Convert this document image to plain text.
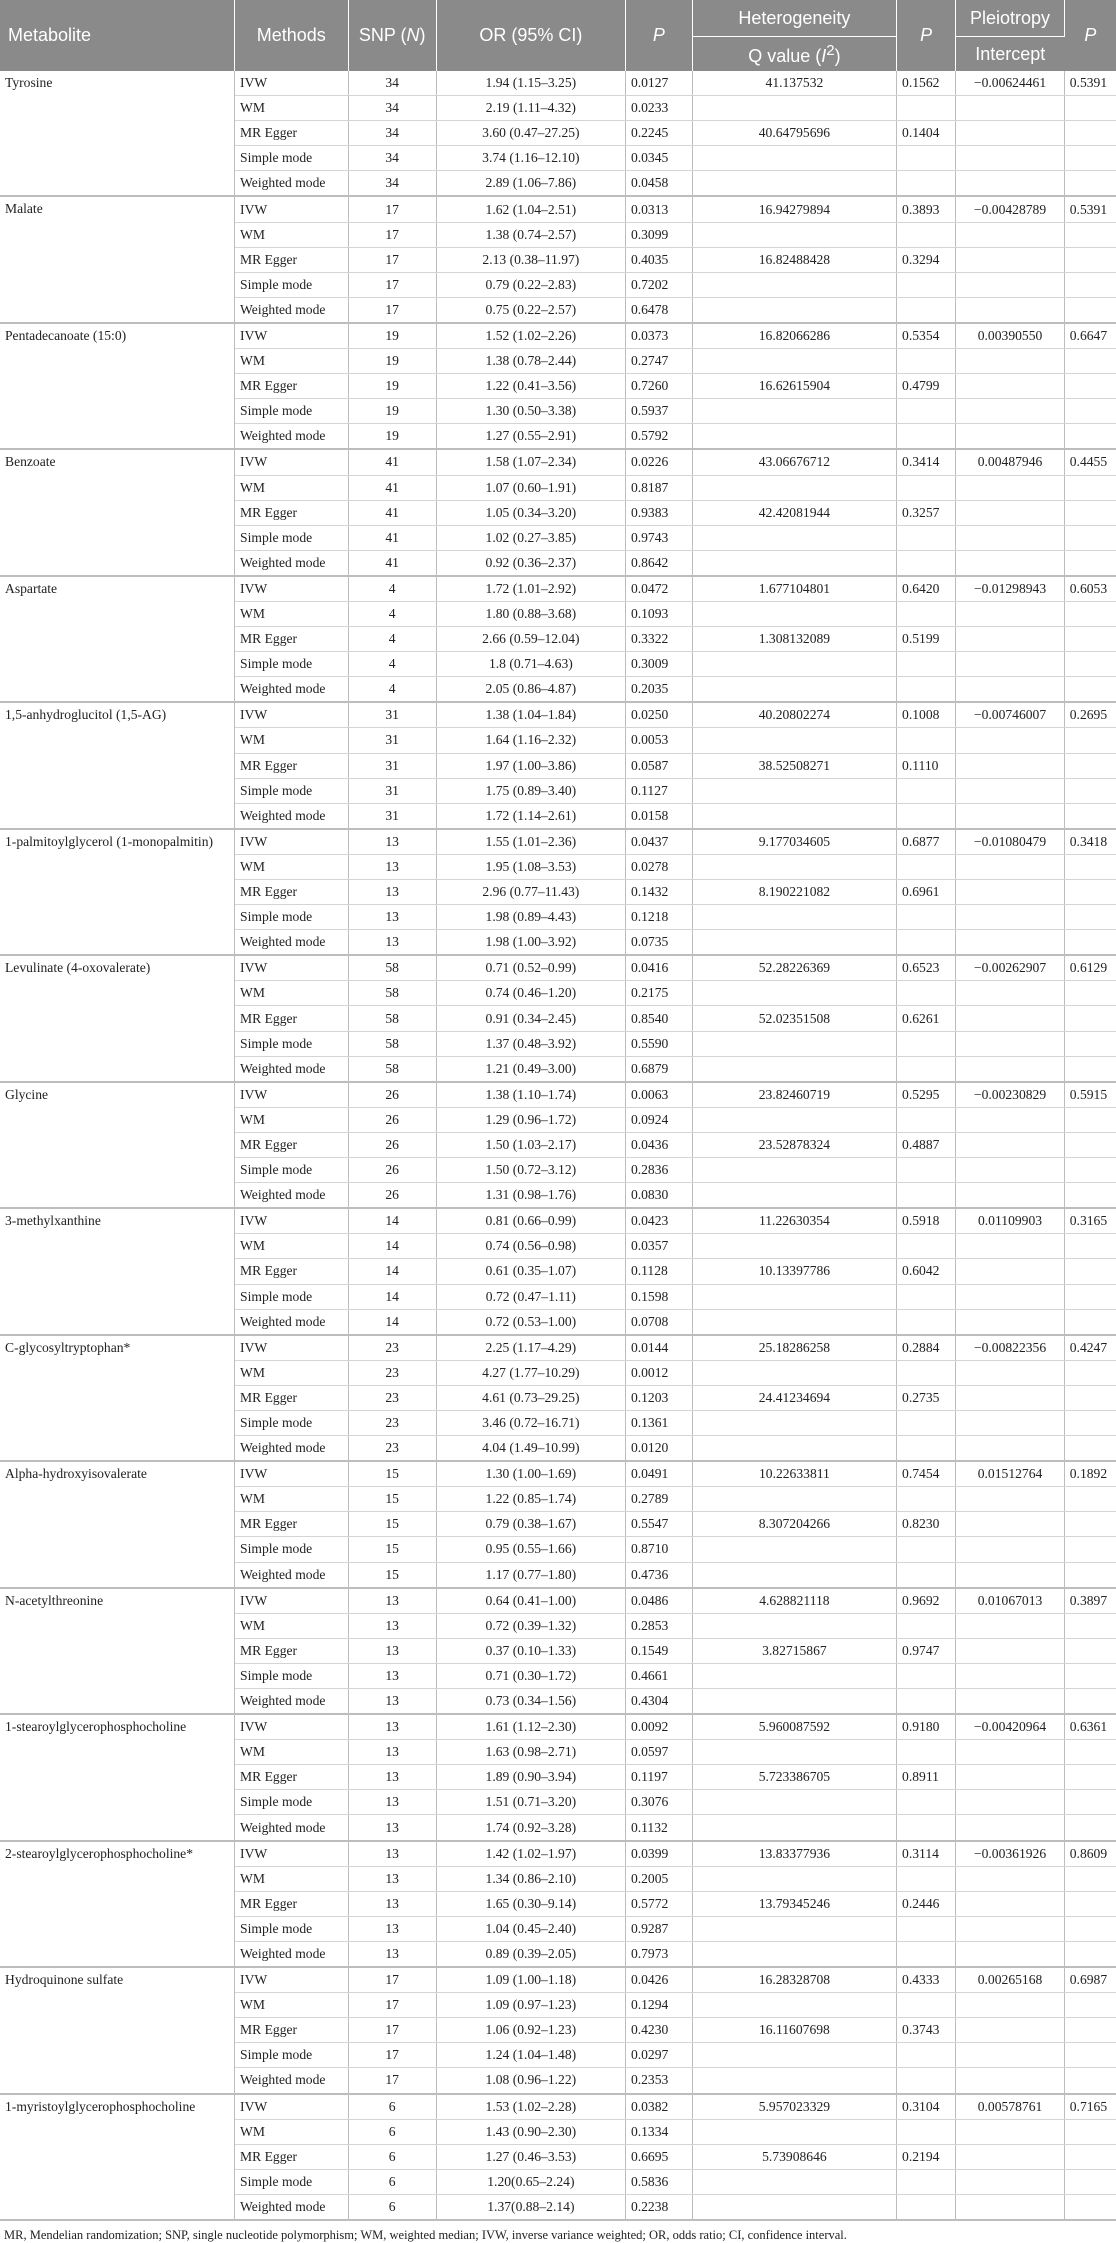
Metabolite	Methods	SNP (N)	OR (95% CI)	P	Heterogeneity	P	Pleiotropy	P
					Q value $(I^2)$		Intercept	
Tyrosine	IVW	34	1.94 (1.15–3.25)	0.0127	41.137532	0.1562	−0.00624461	0.5391
	WM	34	2.19 (1.11–4.32)	0.0233				
	MR Egger	34	3.60 (0.47–27.25)	0.2245	40.64795696	0.1404		
	Simple mode	34	3.74 (1.16–12.10)	0.0345				
	Weighted mode	34	2.89 (1.06–7.86)	0.0458				
Malate	IVW	17	1.62 (1.04–2.51)	0.0313	16.94279894	0.3893	−0.00428789	0.5391
	WM	17	1.38 (0.74–2.57)	0.3099				
	MR Egger	17	2.13 (0.38–11.97)	0.4035	16.82488428	0.3294		
	Simple mode	17	0.79 (0.22–2.83)	0.7202				
	Weighted mode	17	0.75 (0.22–2.57)	0.6478				
Pentadecanoate (15:0)	IVW	19	1.52 (1.02–2.26)	0.0373	16.82066286	0.5354	0.00390550	0.6647
	WM	19	1.38 (0.78–2.44)	0.2747				
	MR Egger	19	1.22 (0.41–3.56)	0.7260	16.62615904	0.4799		
	Simple mode	19	1.30 (0.50–3.38)	0.5937				
	Weighted mode	19	1.27 (0.55–2.91)	0.5792				
Benzoate	IVW	41	1.58 (1.07–2.34)	0.0226	43.06676712	0.3414	0.00487946	0.4455
	WM	41	1.07 (0.60–1.91)	0.8187				
	MR Egger	41	1.05 (0.34–3.20)	0.9383	42.42081944	0.3257		
	Simple mode	41	1.02 (0.27–3.85)	0.9743				
	Weighted mode	41	0.92 (0.36–2.37)	0.8642				
Aspartate	IVW	4	1.72 (1.01–2.92)	0.0472	1.677104801	0.6420	−0.01298943	0.6053
	WM	4	1.80 (0.88–3.68)	0.1093				
	MR Egger	4	2.66 (0.59–12.04)	0.3322	1.308132089	0.5199		
	Simple mode	4	1.8 (0.71–4.63)	0.3009				
	Weighted mode	4	2.05 (0.86–4.87)	0.2035				
1,5-anhydroglucitol (1,5-AG)	IVW	31	1.38 (1.04–1.84)	0.0250	40.20802274	0.1008	−0.00746007	0.2695
	WM	31	1.64 (1.16–2.32)	0.0053				
	MR Egger	31	1.97 (1.00–3.86)	0.0587	38.52508271	0.1110		
	Simple mode	31	1.75 (0.89–3.40)	0.1127				
	Weighted mode	31	1.72 (1.14–2.61)	0.0158				
1-palmitoylglycerol (1-monopalmitin)	IVW	13	1.55 (1.01–2.36)	0.0437	9.177034605	0.6877	−0.01080479	0.3418
	WM	13	1.95 (1.08–3.53)	0.0278				
	MR Egger	13	2.96 (0.77–11.43)	0.1432	8.190221082	0.6961		
	Simple mode	13	1.98 (0.89–4.43)	0.1218				
	Weighted mode	13	1.98 (1.00–3.92)	0.0735				
Levulinate (4-oxovalerate)	IVW	58	0.71 (0.52–0.99)	0.0416	52.28226369	0.6523	−0.00262907	0.6129
	WM	58	0.74 (0.46–1.20)	0.2175				
	MR Egger	58	0.91 (0.34–2.45)	0.8540	52.02351508	0.6261		
	Simple mode	58	1.37 (0.48–3.92)	0.5590				
	Weighted mode	58	1.21 (0.49–3.00)	0.6879				
Glycine	IVW	26	1.38 (1.10–1.74)	0.0063	23.82460719	0.5295	−0.00230829	0.5915
	WM	26	1.29 (0.96–1.72)	0.0924				
	MR Egger	26	1.50 (1.03–2.17)	0.0436	23.52878324	0.4887		
	Simple mode	26	1.50 (0.72–3.12)	0.2836				
	Weighted mode	26	1.31 (0.98–1.76)	0.0830				
3-methylxanthine	IVW	14	0.81 (0.66–0.99)	0.0423	11.22630354	0.5918	0.01109903	0.3165
	WM	14	0.74 (0.56–0.98)	0.0357				
	MR Egger	14	0.61 (0.35–1.07)	0.1128	10.13397786	0.6042		
	Simple mode	14	0.72 (0.47–1.11)	0.1598				
	Weighted mode	14	0.72 (0.53–1.00)	0.0708				
C-glycosyltryptophan*	IVW	23	2.25 (1.17–4.29)	0.0144	25.18286258	0.2884	−0.00822356	0.4247
	WM	23	4.27 (1.77–10.29)	0.0012				
	MR Egger	23	4.61 (0.73–29.25)	0.1203	24.41234694	0.2735		
	Simple mode	23	3.46 (0.72–16.71)	0.1361				
	Weighted mode	23	4.04 (1.49–10.99)	0.0120				
Alpha-hydroxyisovalerate	IVW	15	1.30 (1.00–1.69)	0.0491	10.22633811	0.7454	0.01512764	0.1892
	WM	15	1.22 (0.85–1.74)	0.2789				
	MR Egger	15	0.79 (0.38–1.67)	0.5547	8.307204266	0.8230		
	Simple mode	15	0.95 (0.55–1.66)	0.8710				
	Weighted mode	15	1.17 (0.77–1.80)	0.4736				
N-acetylthreonine	IVW	13	0.64 (0.41–1.00)	0.0486	4.628821118	0.9692	0.01067013	0.3897
	WM	13	0.72 (0.39–1.32)	0.2853				
	MR Egger	13	0.37 (0.10–1.33)	0.1549	3.82715867	0.9747		
	Simple mode	13	0.71 (0.30–1.72)	0.4661				
	Weighted mode	13	0.73 (0.34–1.56)	0.4304				
1-stearoylglycerophosphocholine	IVW	13	1.61 (1.12–2.30)	0.0092	5.960087592	0.9180	−0.00420964	0.6361
	WM	13	1.63 (0.98–2.71)	0.0597				
	MR Egger	13	1.89 (0.90–3.94)	0.1197	5.723386705	0.8911		
	Simple mode	13	1.51 (0.71–3.20)	0.3076				
	Weighted mode	13	1.74 (0.92–3.28)	0.1132				
2-stearoylglycerophosphocholine*	IVW	13	1.42 (1.02–1.97)	0.0399	13.83377936	0.3114	−0.00361926	0.8609
	WM	13	1.34 (0.86–2.10)	0.2005				
	MR Egger	13	1.65 (0.30–9.14)	0.5772	13.79345246	0.2446		
	Simple mode	13	1.04 (0.45–2.40)	0.9287				
	Weighted mode	13	0.89 (0.39–2.05)	0.7973				
Hydroquinone sulfate	IVW	17	1.09 (1.00–1.18)	0.0426	16.28328708	0.4333	0.00265168	0.6987
	WM	17	1.09 (0.97–1.23)	0.1294				
	MR Egger	17	1.06 (0.92–1.23)	0.4230	16.11607698	0.3743		
	Simple mode	17	1.24 (1.04–1.48)	0.0297				
	Weighted mode	17	1.08 (0.96–1.22)	0.2353				
1-myristoylglycerophosphocholine	IVW	6	1.53 (1.02–2.28)	0.0382	5.957023329	0.3104	0.00578761	0.7165
	WM	6	1.43 (0.90–2.30)	0.1334				
	MR Egger	6	1.27 (0.46–3.53)	0.6695	5.73908646	0.2194		
	Simple mode	6	1.20(0.65–2.24)	0.5836				
	Weighted mode	6	1.37(0.88–2.14)	0.2238				
MR, Mendelian randomization; SNP, single nucleotide polymorphism; WM, weighted median; IVW, inverse variance weighted; OR, odds ratio; CI, confidence interval.
